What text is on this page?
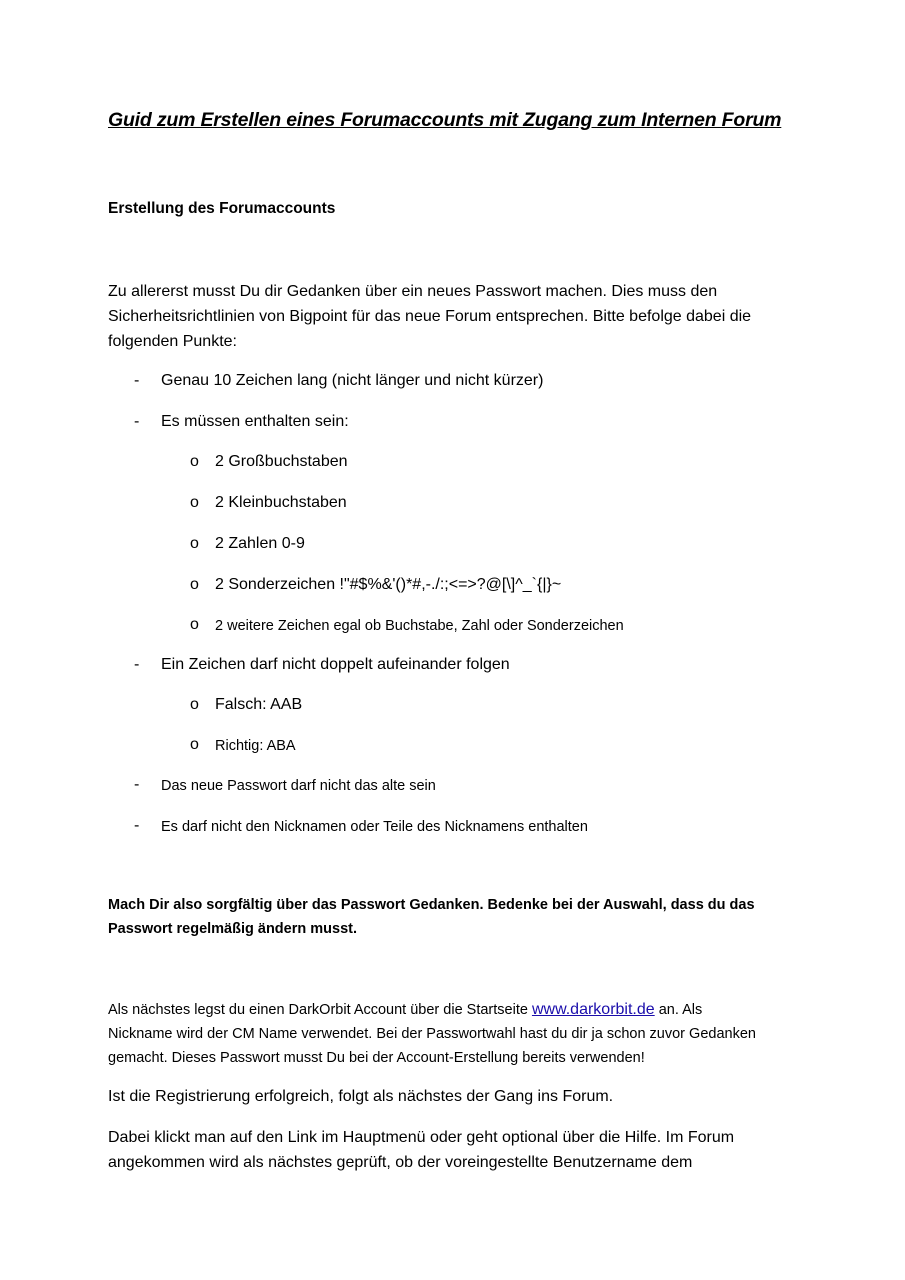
Guid zum Erstellen eines Forumaccounts mit Zugang zum Internen Forum
Erstellung des Forumaccounts

Zu allererst musst Du dir Gedanken über ein neues Passwort machen. Dies muss den

Sicherheitsrichtlinien von Bigpoint für das neue Forum entsprechen. Bitte befolge dabei die

folgenden Punkte:

- Genau 10 Zeichen lang (nicht länger und nicht kürzer)
- Es müssen enthalten sein:
o 2 Großbuchstaben
o 2 Kleinbuchstaben
o 2 Zahlen 0-9
o 2 Sonderzeichen !"#$%&'()*#,-./:;<=>?@[\]^_`{|}~
o 2 weitere Zeichen egal ob Buchstabe, Zahl oder Sonderzeichen
- Ein Zeichen darf nicht doppelt aufeinander folgen
o Falsch: AAB
o Richtig: ABA
- Das neue Passwort darf nicht das alte sein
- Es darf nicht den Nicknamen oder Teile des Nicknamens enthalten

Mach Dir also sorgfältig über das Passwort Gedanken. Bedenke bei der Auswahl, dass du das

Passwort regelmäßig ändern musst.

Als nächstes legst du einen DarkOrbit Account über die Startseite www.darkorbit.de an. Als

Nickname wird der CM Name verwendet. Bei der Passwortwahl hast du dir ja schon zuvor Gedanken

gemacht. Dieses Passwort musst Du bei der Account-Erstellung bereits verwenden!

Ist die Registrierung erfolgreich, folgt als nächstes der Gang ins Forum.

Dabei klickt man auf den Link im Hauptmenü oder geht optional über die Hilfe. Im Forum

angekommen wird als nächstes geprüft, ob der voreingestellte Benutzername dem
